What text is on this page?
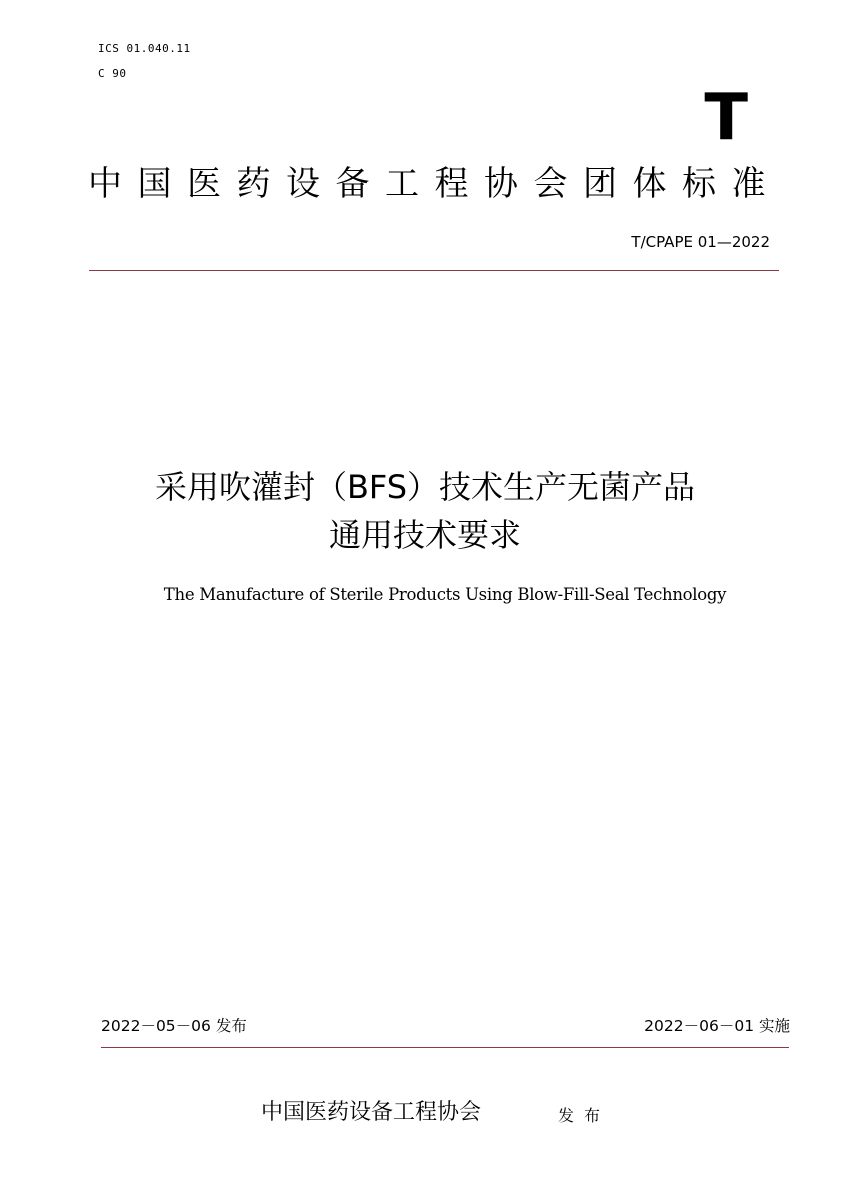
ICS 01.040.11
C 90
T
中国医药设备工程协会团体标准
T/CPAPE 01—2022
采用吹灌封（BFS）技术生产无菌产品
通用技术要求
The Manufacture of Sterile Products Using Blow-Fill-Seal Technology
2022－05－06 发布	2022－06－01 实施
中国医药设备工程协会	发布
